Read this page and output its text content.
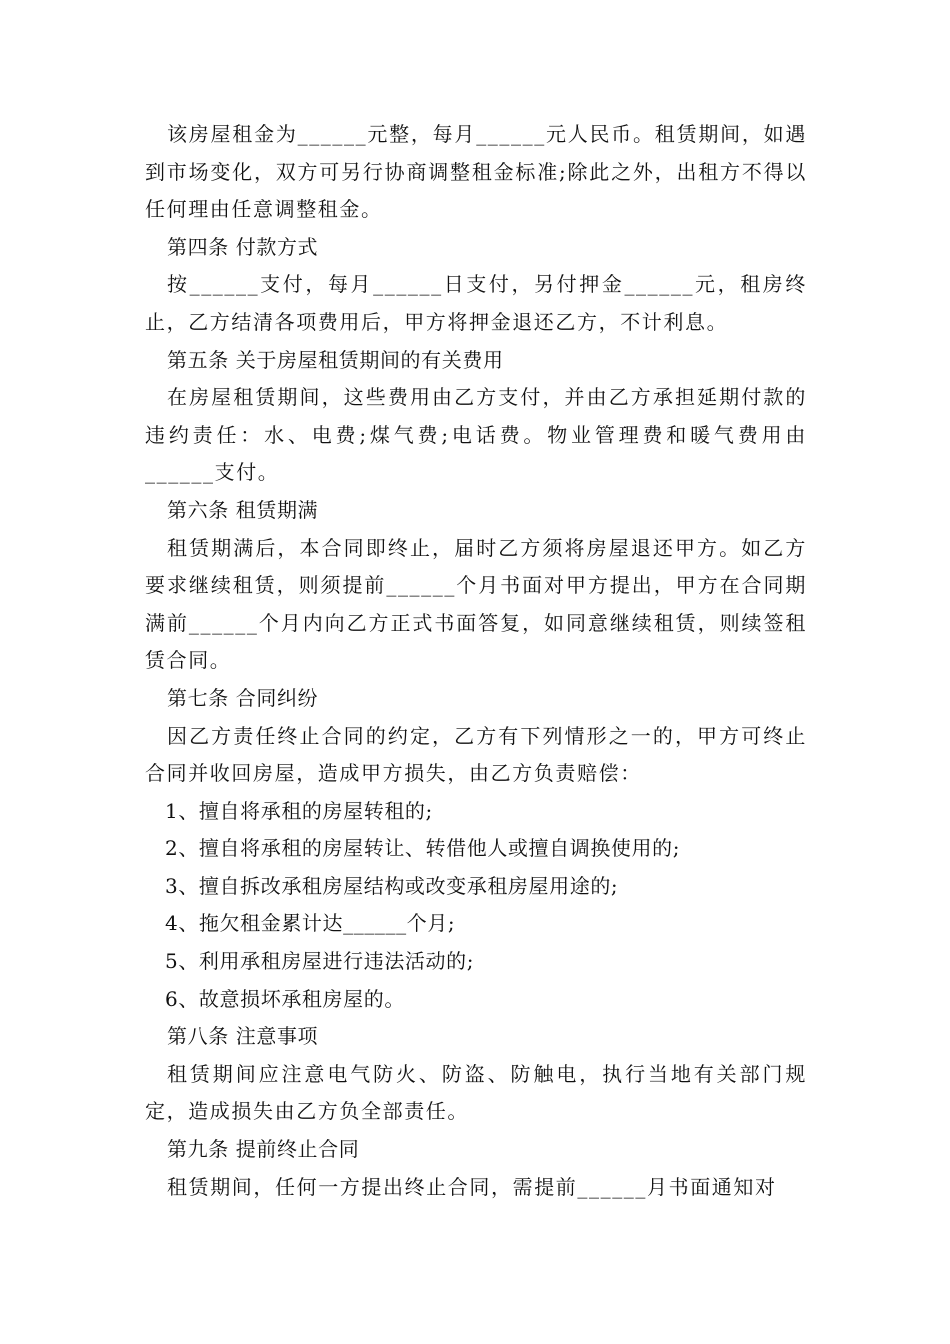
该房屋租金为______元整，每月______元人民币。租赁期间，如遇到市场变化，双方可另行协商调整租金标准;除此之外，出租方不得以任何理由任意调整租金。

第四条 付款方式

按______支付，每月______日支付，另付押金______元，租房终止，乙方结清各项费用后，甲方将押金退还乙方，不计利息。

第五条 关于房屋租赁期间的有关费用

在房屋租赁期间，这些费用由乙方支付，并由乙方承担延期付款的违约责任：水、电费;煤气费;电话费。物业管理费和暖气费用由______支付。

第六条 租赁期满

租赁期满后，本合同即终止，届时乙方须将房屋退还甲方。如乙方要求继续租赁，则须提前______个月书面对甲方提出，甲方在合同期满前______个月内向乙方正式书面答复，如同意继续租赁，则续签租赁合同。

第七条 合同纠纷

因乙方责任终止合同的约定，乙方有下列情形之一的，甲方可终止合同并收回房屋，造成甲方损失，由乙方负责赔偿：

1、擅自将承租的房屋转租的;

2、擅自将承租的房屋转让、转借他人或擅自调换使用的;

3、擅自拆改承租房屋结构或改变承租房屋用途的;

4、拖欠租金累计达______个月;

5、利用承租房屋进行违法活动的;

6、故意损坏承租房屋的。

第八条 注意事项

租赁期间应注意电气防火、防盗、防触电，执行当地有关部门规定，造成损失由乙方负全部责任。

第九条 提前终止合同

租赁期间，任何一方提出终止合同，需提前______月书面通知对
